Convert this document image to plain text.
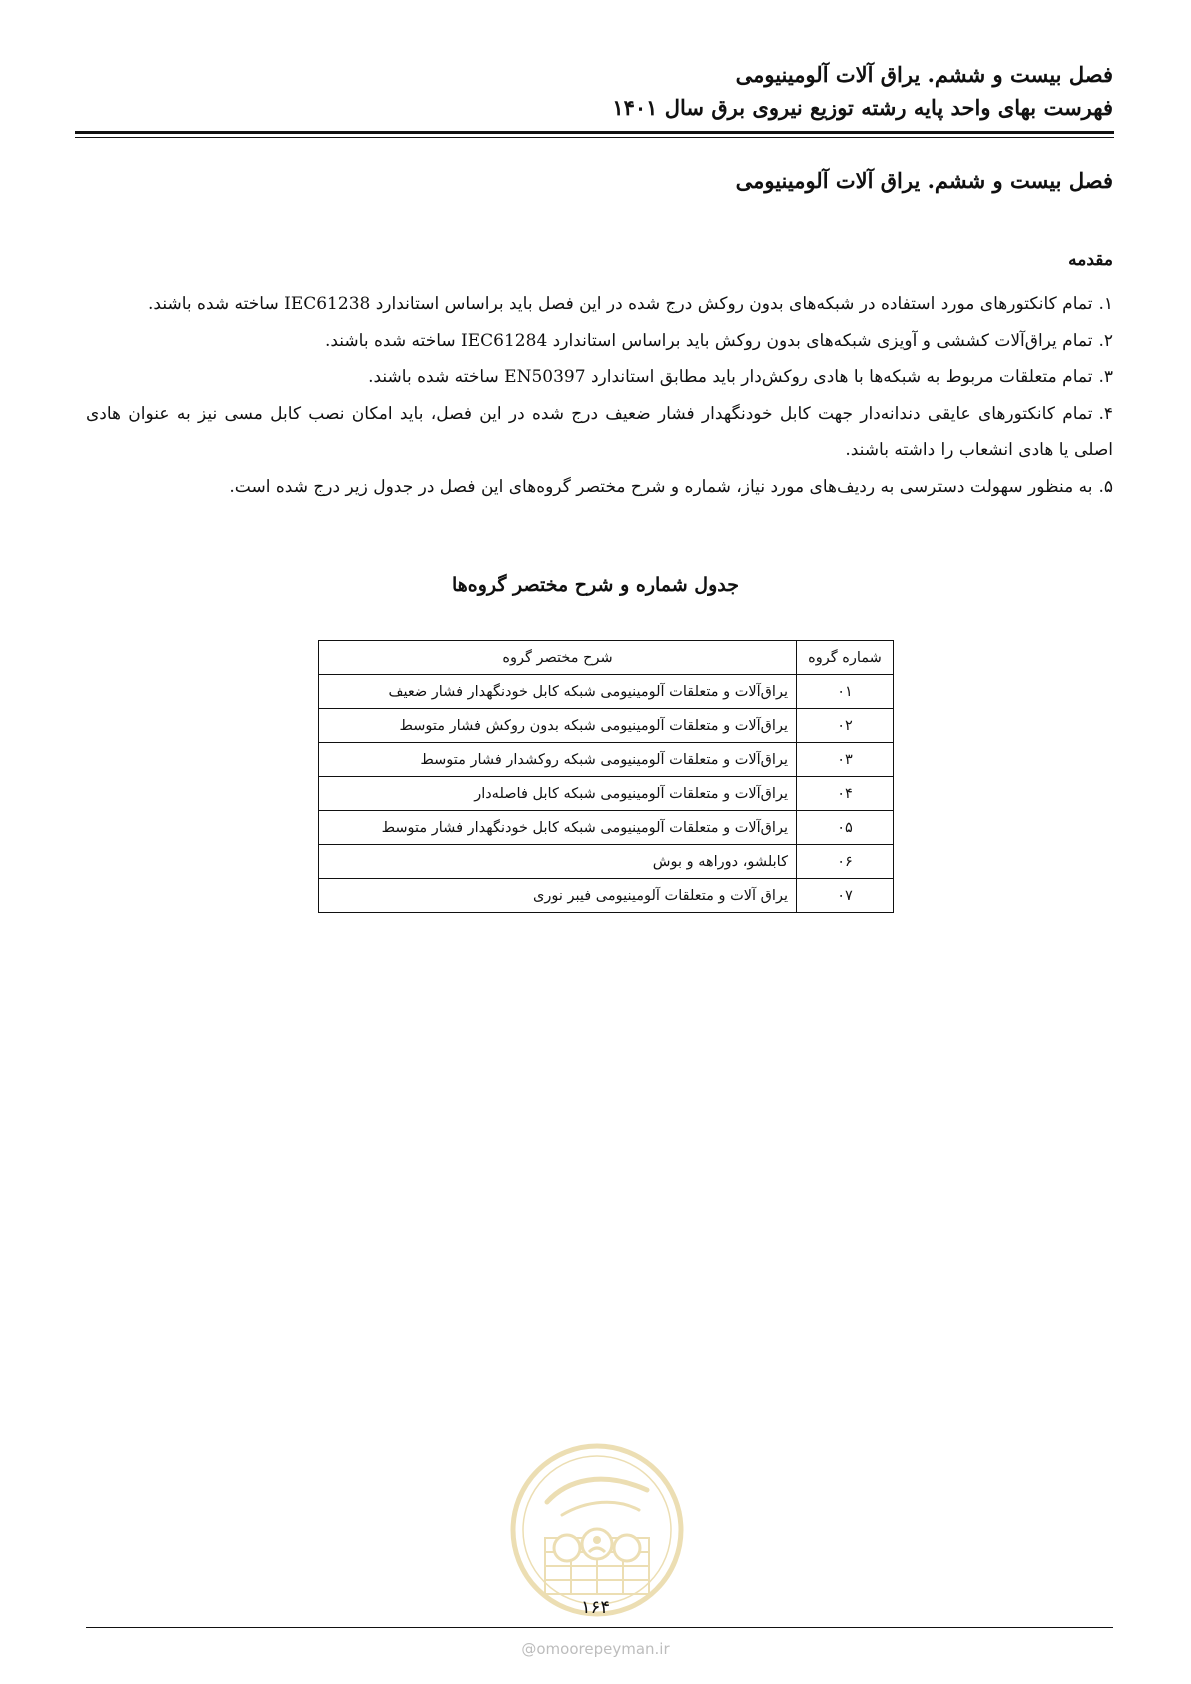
فصل بیست و ششم. یراق آلات آلومینیومی
فهرست بهای واحد پایه رشته توزیع نیروی برق سال ۱۴۰۱
فصل بیست و ششم. یراق آلات آلومینیومی
مقدمه
۱.تمام کانکتورهای مورد استفاده در شبکه‌های بدون روکش درج شده در این فصل باید براساس استاندارد IEC61238 ساخته شده باشند.
۲.تمام یراق‌آلات کششی و آویزی شبکه‌های بدون روکش باید براساس استاندارد IEC61284 ساخته شده باشند.
۳.تمام متعلقات مربوط به شبکه‌ها با هادی روکش‌دار باید مطابق استاندارد EN50397 ساخته شده باشند.
۴.تمام کانکتورهای عایقی دندانه‌دار جهت کابل خودنگهدار فشار ضعیف درج شده در این فصل، باید امکان نصب کابل مسی نیز به عنوان هادی اصلی یا هادی انشعاب را داشته باشند.
۵.به منظور سهولت دسترسی به ردیف‌های مورد نیاز، شماره و شرح مختصر گروه‌های این فصل در جدول زیر درج شده است.
جدول شماره و شرح مختصر گروه‌ها
شماره گروه	شرح مختصر گروه
۰۱	یراق‌آلات و متعلقات آلومینیومی شبکه کابل خودنگهدار فشار ضعیف
۰۲	یراق‌آلات و متعلقات آلومینیومی شبکه بدون روکش فشار متوسط
۰۳	یراق‌آلات و متعلقات آلومینیومی شبکه روکشدار فشار متوسط
۰۴	یراق‌آلات و متعلقات آلومینیومی شبکه کابل فاصله‌دار
۰۵	یراق‌آلات و متعلقات آلومینیومی شبکه کابل خودنگهدار فشار متوسط
۰۶	کابلشو، دوراهه و بوش
۰۷	یراق آلات و متعلقات آلومینیومی فیبر نوری
۱۶۴
@omoorepeyman.ir
